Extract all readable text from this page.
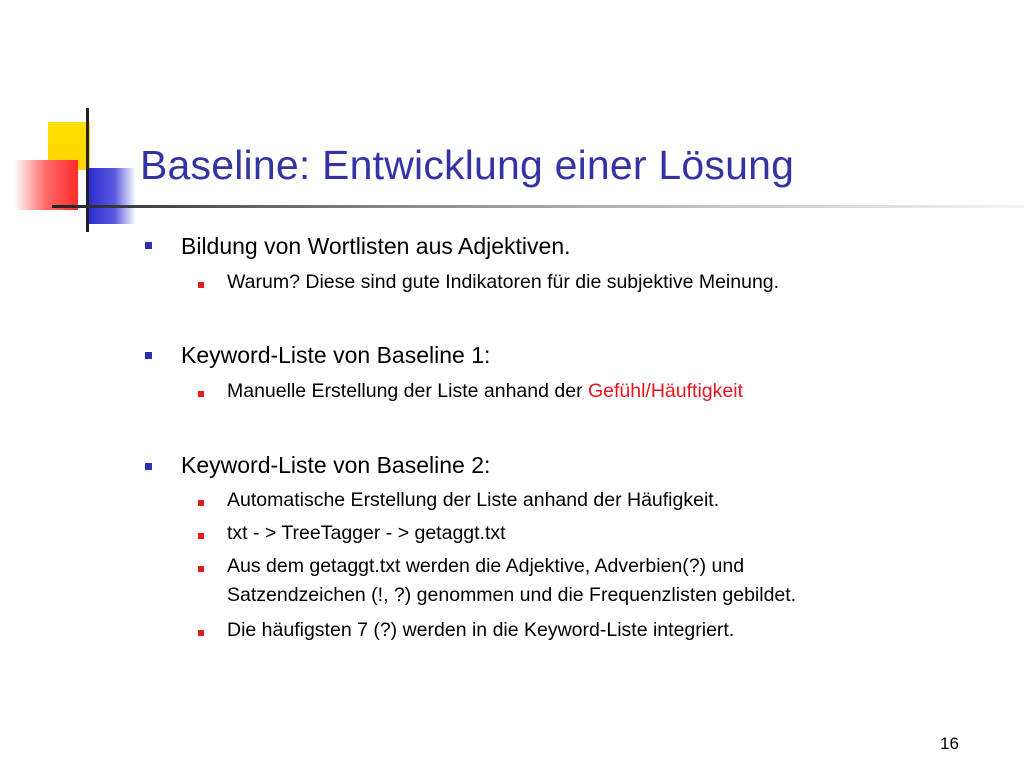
Baseline: Entwicklung einer Lösung
Bildung von Wortlisten aus Adjektiven.
Warum? Diese sind gute Indikatoren für die subjektive Meinung.
Keyword-Liste von Baseline 1:
Manuelle Erstellung der Liste anhand der Gefühl/Häuftigkeit
Keyword-Liste von Baseline 2:
Automatische Erstellung der Liste anhand der Häufigkeit.
txt - > TreeTagger - > getaggt.txt
Aus dem getaggt.txt werden die Adjektive, Adverbien(?) und
Satzendzeichen (!, ?) genommen und die Frequenzlisten gebildet.
Die häufigsten 7 (?) werden in die Keyword-Liste integriert.
16
